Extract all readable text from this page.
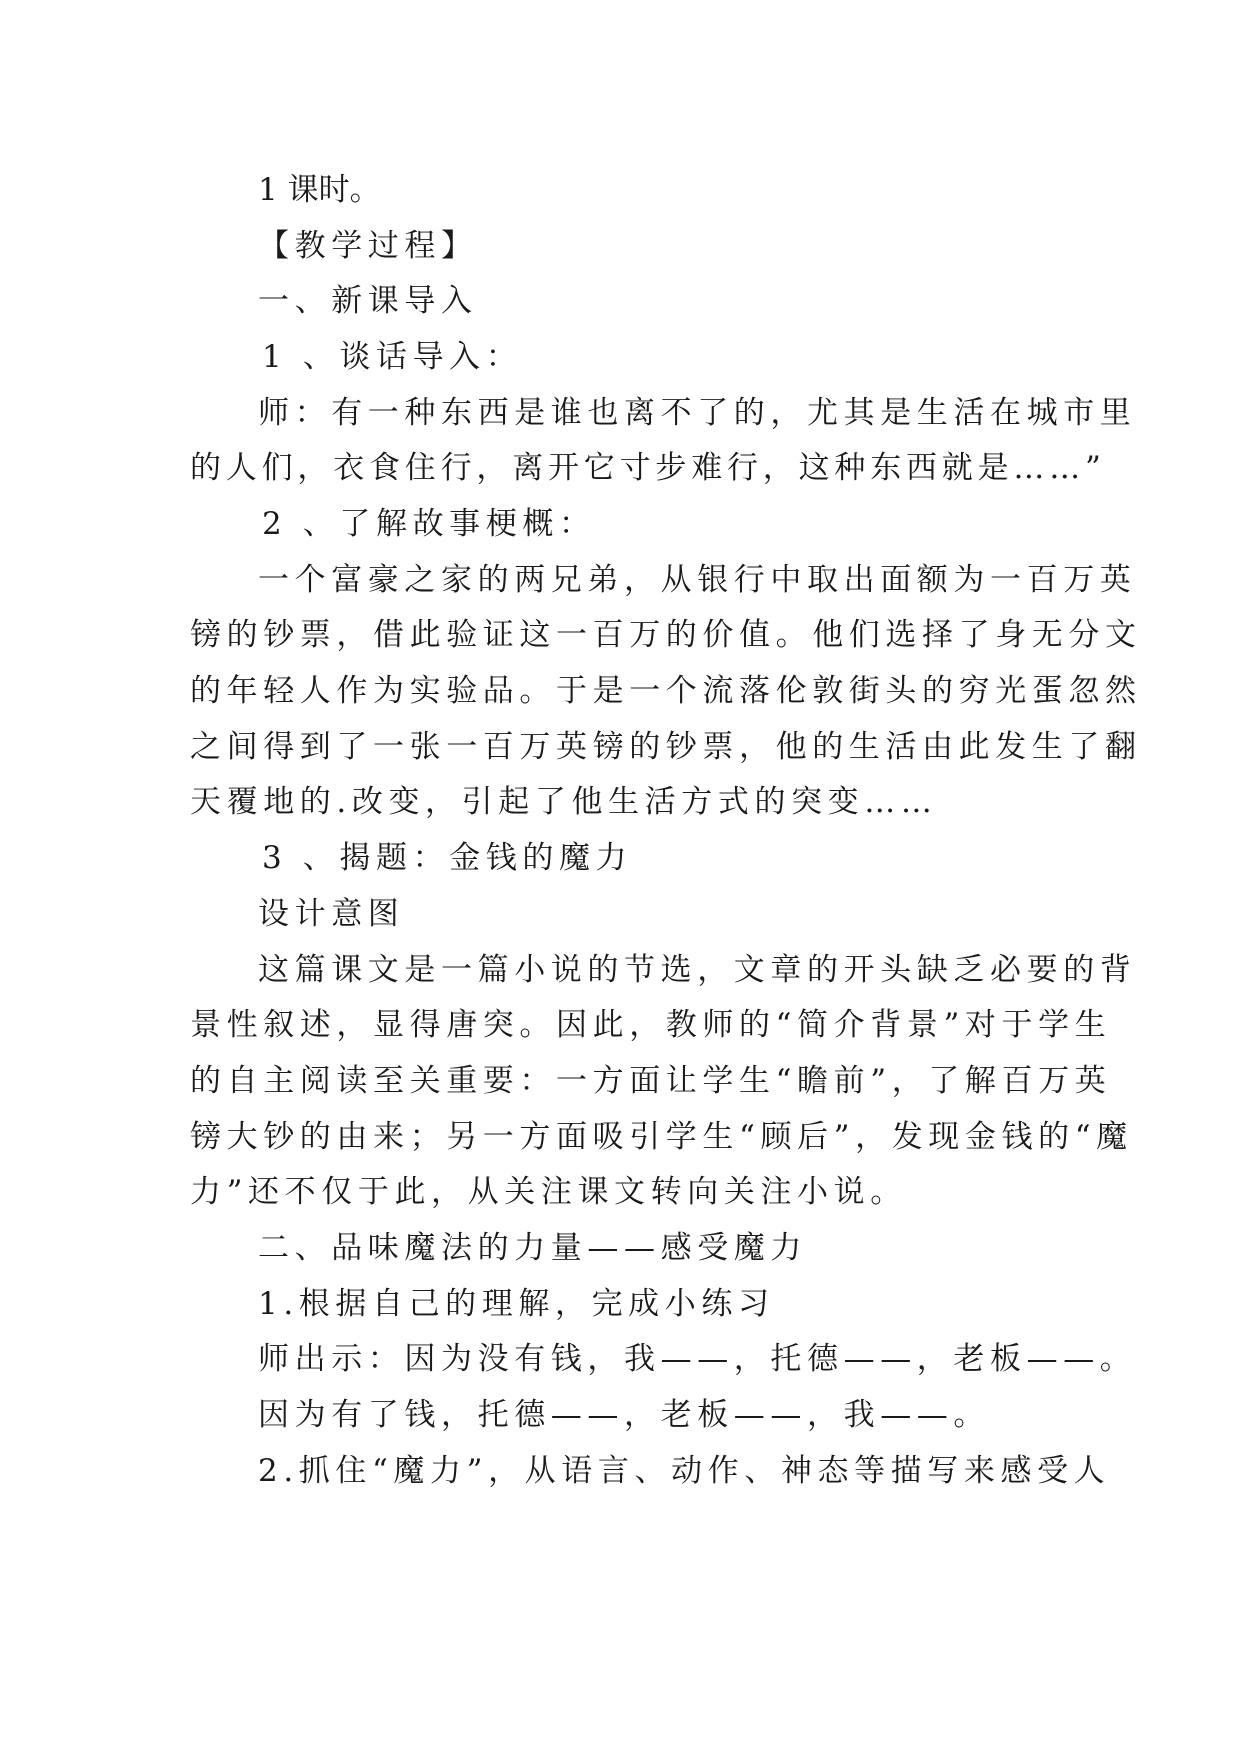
1 课时。
【教学过程】
一、新课导入
1 、谈话导入：
师：有一种东西是谁也离不了的，尤其是生活在城市里
的人们，衣食住行，离开它寸步难行，这种东西就是……”
2 、了解故事梗概：
一个富豪之家的两兄弟，从银行中取出面额为一百万英
镑的钞票，借此验证这一百万的价值。他们选择了身无分文
的年轻人作为实验品。于是一个流落伦敦街头的穷光蛋忽然
之间得到了一张一百万英镑的钞票，他的生活由此发生了翻
天覆地的.改变，引起了他生活方式的突变……
3 、揭题：金钱的魔力
设计意图
这篇课文是一篇小说的节选，文章的开头缺乏必要的背
景性叙述，显得唐突。因此，教师的“简介背景”对于学生
的自主阅读至关重要：一方面让学生“瞻前”，了解百万英
镑大钞的由来；另一方面吸引学生“顾后”，发现金钱的“魔
力”还不仅于此，从关注课文转向关注小说。
二、品味魔法的力量——感受魔力
1.根据自己的理解，完成小练习
师出示：因为没有钱，我——，托德——，老板——。
因为有了钱，托德——，老板——，我——。
2.抓住“魔力”，从语言、动作、神态等描写来感受人
